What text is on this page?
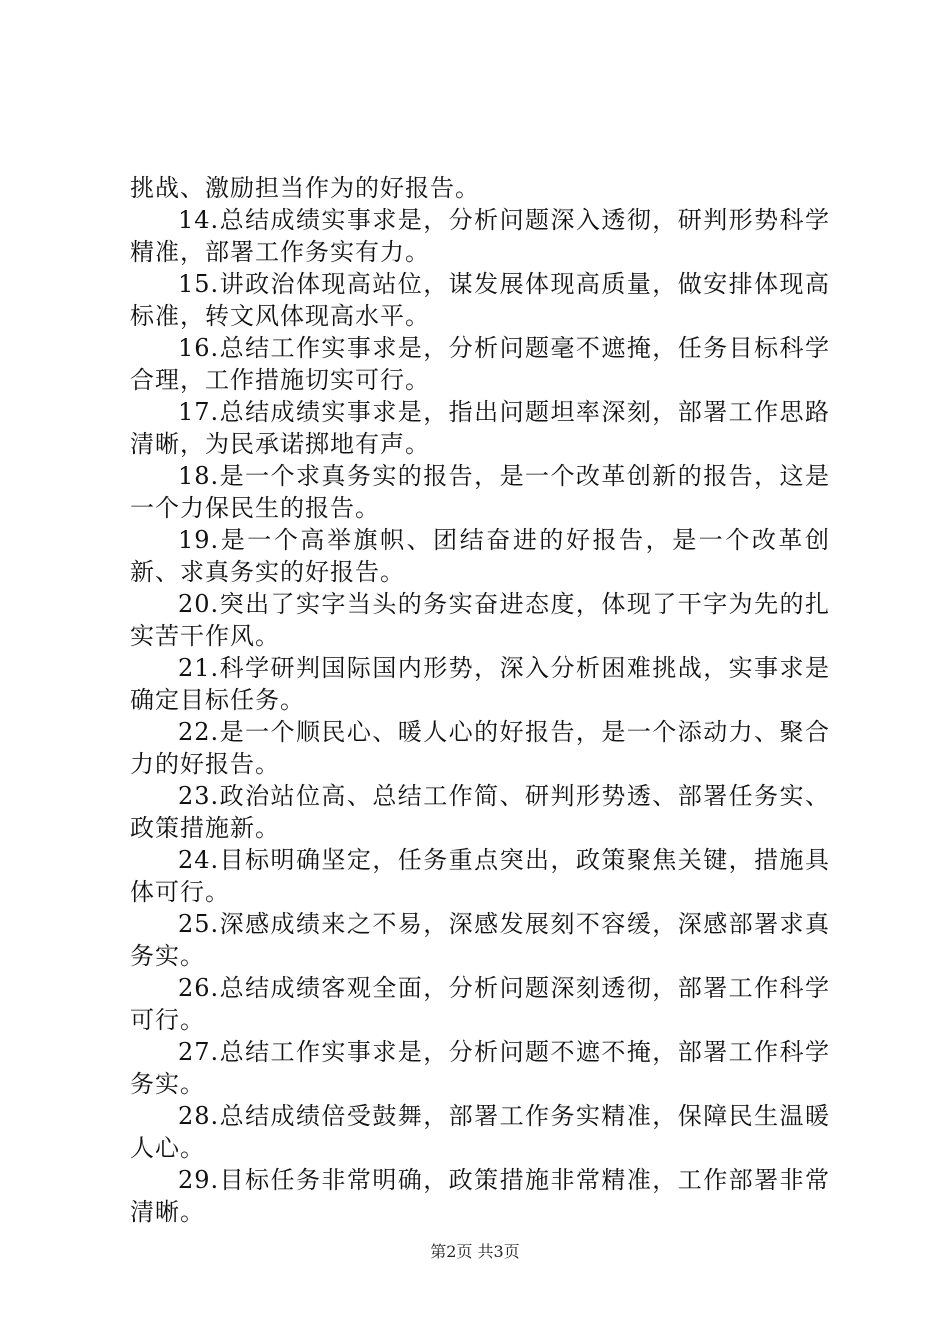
挑战、激励担当作为的好报告。

14.总结成绩实事求是，分析问题深入透彻，研判形势科学精准，部署工作务实有力。

15.讲政治体现高站位，谋发展体现高质量，做安排体现高标准，转文风体现高水平。

16.总结工作实事求是，分析问题毫不遮掩，任务目标科学合理，工作措施切实可行。

17.总结成绩实事求是，指出问题坦率深刻，部署工作思路清晰，为民承诺掷地有声。

18.是一个求真务实的报告，是一个改革创新的报告，这是一个力保民生的报告。

19.是一个高举旗帜、团结奋进的好报告，是一个改革创新、求真务实的好报告。

20.突出了实字当头的务实奋进态度，体现了干字为先的扎实苦干作风。

21.科学研判国际国内形势，深入分析困难挑战，实事求是确定目标任务。

22.是一个顺民心、暖人心的好报告，是一个添动力、聚合力的好报告。

23.政治站位高、总结工作简、研判形势透、部署任务实、政策措施新。

24.目标明确坚定，任务重点突出，政策聚焦关键，措施具体可行。

25.深感成绩来之不易，深感发展刻不容缓，深感部署求真务实。

26.总结成绩客观全面，分析问题深刻透彻，部署工作科学可行。

27.总结工作实事求是，分析问题不遮不掩，部署工作科学务实。

28.总结成绩倍受鼓舞，部署工作务实精准，保障民生温暖人心。

29.目标任务非常明确，政策措施非常精准，工作部署非常清晰。

第2页 共3页
